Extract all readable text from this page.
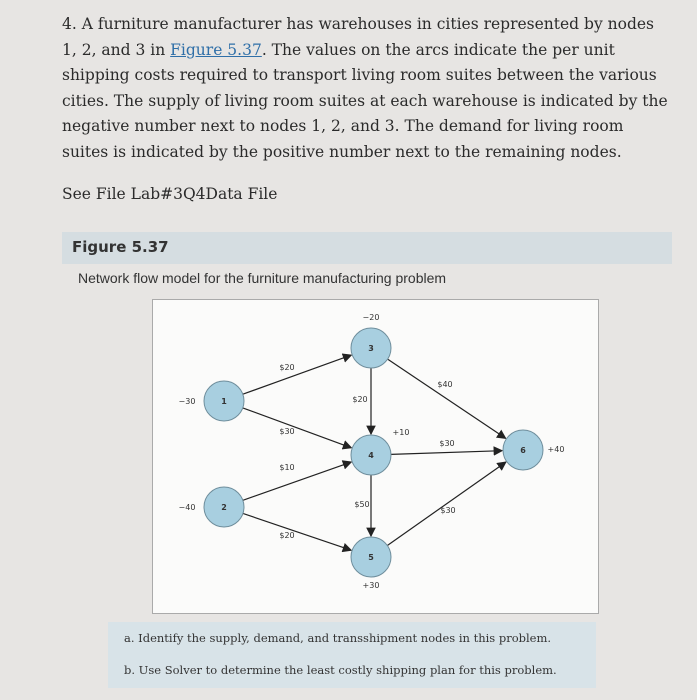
4. A furniture manufacturer has warehouses in cities represented by nodes 1, 2, and 3 in Figure 5.37. The values on the arcs indicate the per unit shipping costs required to transport living room suites between the various cities. The supply of living room suites at each warehouse is indicated by the negative number next to nodes 1, 2, and 3. The demand for living room suites is indicated by the positive number next to the remaining nodes.
See File Lab#3Q4Data File
Figure 5.37
Network flow model for the furniture manufacturing problem
$20
$30
$10
$20
$20
$40
$30
$50
$30
1
−30
2
−40
3
−20
4
+10
5
+30
6	+40
a. Identify the supply, demand, and transshipment nodes in this problem.
b. Use Solver to determine the least costly shipping plan for this problem.
